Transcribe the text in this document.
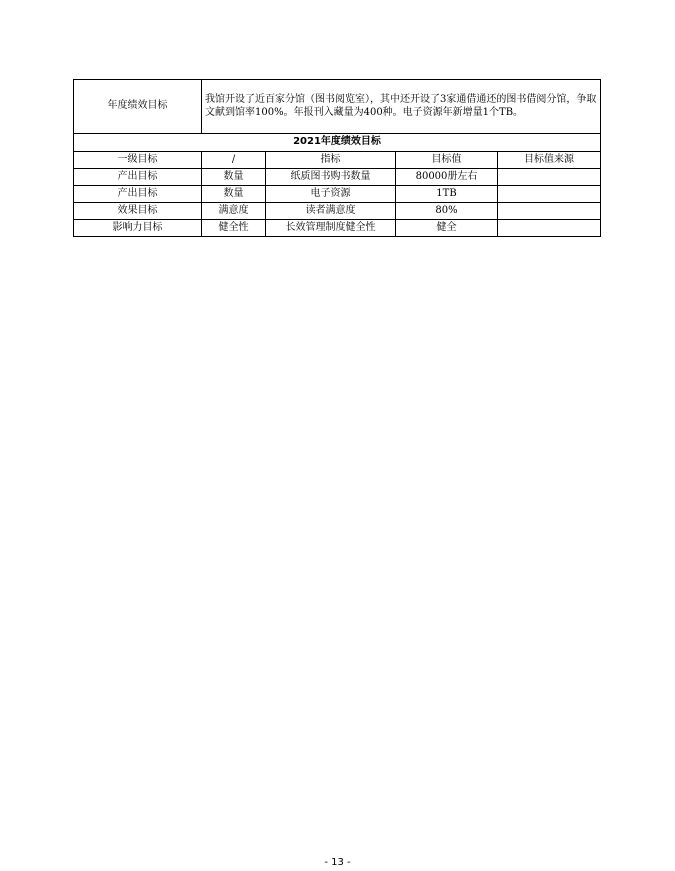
年度绩效目标	我馆开设了近百家分馆（图书阅览室），其中还开设了3家通借通还的图书借阅分馆，争取文献到馆率100%。年报刊入藏量为400种。电子资源年新增量1个TB。			
2021年度绩效目标				
一级目标	/	指标	目标值	目标值来源
产出目标	数量	纸质图书购书数量	80000册左右	
产出目标	数量	电子资源	1TB	
效果目标	满意度	读者满意度	80%	
影响力目标	健全性	长效管理制度健全性	健全	
- 13 -
